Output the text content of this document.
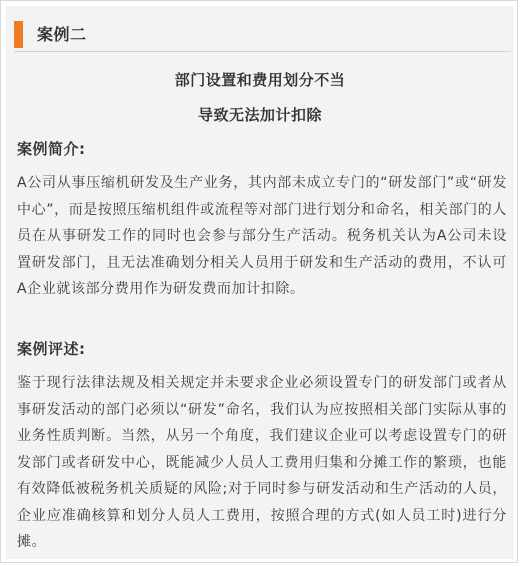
案例二
部门设置和费用划分不当
导致无法加计扣除
案例简介:
A公司从事压缩机研发及生产业务，其内部未成立专门的“研发部门”或“研发中心”，而是按照压缩机组件或流程等对部门进行划分和命名，相关部门的人员在从事研发工作的同时也会参与部分生产活动。税务机关认为A公司未设置研发部门，且无法准确划分相关人员用于研发和生产活动的费用，不认可A企业就该部分费用作为研发费而加计扣除。
案例评述:
鉴于现行法律法规及相关规定并未要求企业必须设置专门的研发部门或者从事研发活动的部门必须以“研发”命名，我们认为应按照相关部门实际从事的业务性质判断。当然，从另一个角度，我们建议企业可以考虑设置专门的研发部门或者研发中心，既能减少人员人工费用归集和分摊工作的繁琐，也能有效降低被税务机关质疑的风险;对于同时参与研发活动和生产活动的人员，企业应准确核算和划分人员人工费用，按照合理的方式(如人员工时)进行分摊。
